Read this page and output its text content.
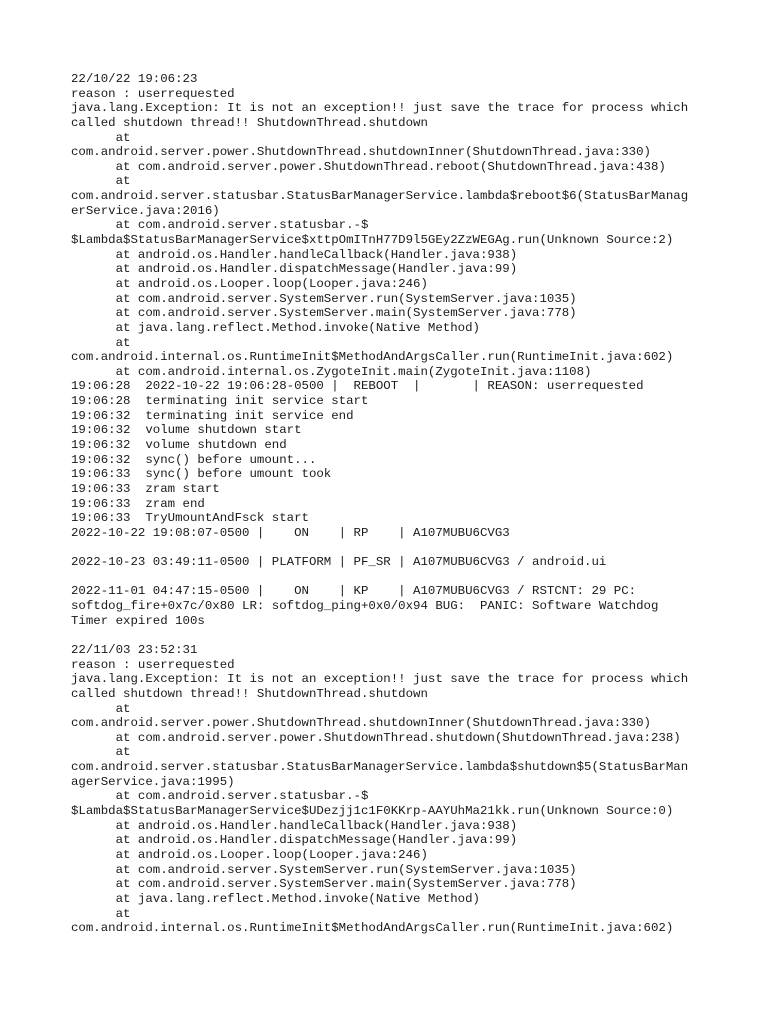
22/10/22 19:06:23
reason : userrequested
java.lang.Exception: It is not an exception!! just save the trace for process which
called shutdown thread!! ShutdownThread.shutdown
at
com.android.server.power.ShutdownThread.shutdownInner(ShutdownThread.java:330)
at com.android.server.power.ShutdownThread.reboot(ShutdownThread.java:438)
at
com.android.server.statusbar.StatusBarManagerService.lambda$reboot$6(StatusBarManag
erService.java:2016)
at com.android.server.statusbar.-$
$Lambda$StatusBarManagerService$xttpOmITnH77D9l5GEy2ZzWEGAg.run(Unknown Source:2)
at android.os.Handler.handleCallback(Handler.java:938)
at android.os.Handler.dispatchMessage(Handler.java:99)
at android.os.Looper.loop(Looper.java:246)
at com.android.server.SystemServer.run(SystemServer.java:1035)
at com.android.server.SystemServer.main(SystemServer.java:778)
at java.lang.reflect.Method.invoke(Native Method)
at
com.android.internal.os.RuntimeInit$MethodAndArgsCaller.run(RuntimeInit.java:602)
at com.android.internal.os.ZygoteInit.main(ZygoteInit.java:1108)
19:06:28  2022-10-22 19:06:28-0500 |  REBOOT  |       | REASON: userrequested
19:06:28  terminating init service start
19:06:32  terminating init service end
19:06:32  volume shutdown start
19:06:32  volume shutdown end
19:06:32  sync() before umount...
19:06:33  sync() before umount took
19:06:33  zram start
19:06:33  zram end
19:06:33  TryUmountAndFsck start
2022-10-22 19:08:07-0500 |    ON    | RP    | A107MUBU6CVG3
2022-10-23 03:49:11-0500 | PLATFORM | PF_SR | A107MUBU6CVG3 / android.ui
2022-11-01 04:47:15-0500 |    ON    | KP    | A107MUBU6CVG3 / RSTCNT: 29 PC:
softdog_fire+0x7c/0x80 LR: softdog_ping+0x0/0x94 BUG:  PANIC: Software Watchdog
Timer expired 100s
22/11/03 23:52:31
reason : userrequested
java.lang.Exception: It is not an exception!! just save the trace for process which
called shutdown thread!! ShutdownThread.shutdown
at
com.android.server.power.ShutdownThread.shutdownInner(ShutdownThread.java:330)
at com.android.server.power.ShutdownThread.shutdown(ShutdownThread.java:238)
at
com.android.server.statusbar.StatusBarManagerService.lambda$shutdown$5(StatusBarMan
agerService.java:1995)
at com.android.server.statusbar.-$
$Lambda$StatusBarManagerService$UDezjj1c1F0KKrp-AAYUhMa21kk.run(Unknown Source:0)
at android.os.Handler.handleCallback(Handler.java:938)
at android.os.Handler.dispatchMessage(Handler.java:99)
at android.os.Looper.loop(Looper.java:246)
at com.android.server.SystemServer.run(SystemServer.java:1035)
at com.android.server.SystemServer.main(SystemServer.java:778)
at java.lang.reflect.Method.invoke(Native Method)
at
com.android.internal.os.RuntimeInit$MethodAndArgsCaller.run(RuntimeInit.java:602)
